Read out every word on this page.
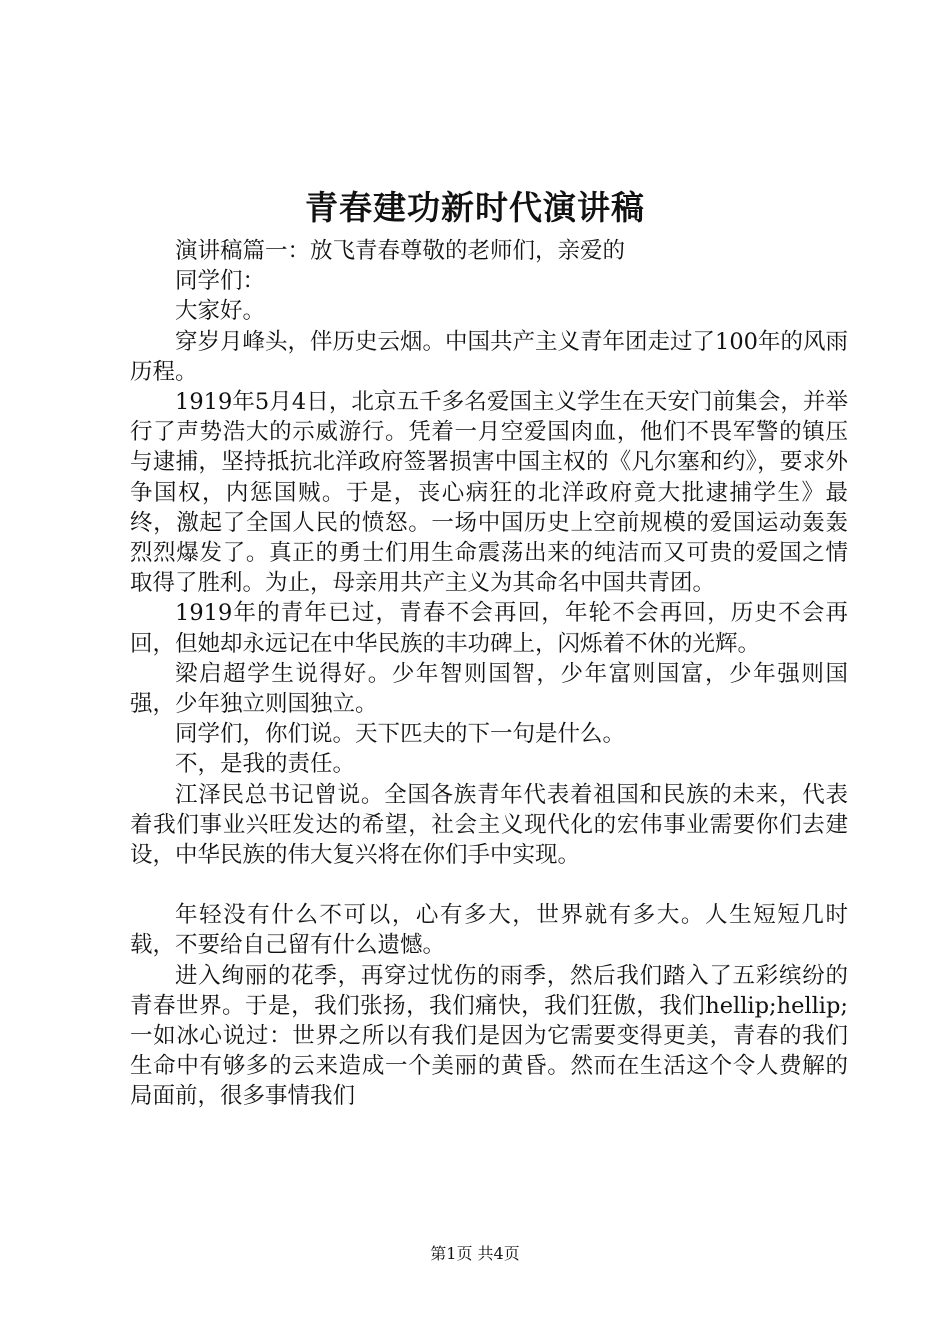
青春建功新时代演讲稿

演讲稿篇一：放飞青春尊敬的老师们，亲爱的

同学们：

大家好。

穿岁月峰头，伴历史云烟。中国共产主义青年团走过了100年的风雨历程。

1919年5月4日，北京五千多名爱国主义学生在天安门前集会，并举行了声势浩大的示威游行。凭着一月空爱国肉血，他们不畏军警的镇压与逮捕，坚持抵抗北洋政府签署损害中国主权的《凡尔塞和约》，要求外争国权，内惩国贼。于是，丧心病狂的北洋政府竟大批逮捕学生》最终，激起了全国人民的愤怒。一场中国历史上空前规模的爱国运动轰轰烈烈爆发了。真正的勇士们用生命震荡出来的纯洁而又可贵的爱国之情取得了胜利。为止，母亲用共产主义为其命名中国共青团。

1919年的青年已过，青春不会再回，年轮不会再回，历史不会再回，但她却永远记在中华民族的丰功碑上，闪烁着不休的光辉。

梁启超学生说得好。少年智则国智，少年富则国富，少年强则国强，少年独立则国独立。

同学们，你们说。天下匹夫的下一句是什么。

不，是我的责任。

江泽民总书记曾说。全国各族青年代表着祖国和民族的未来，代表着我们事业兴旺发达的希望，社会主义现代化的宏伟事业需要你们去建设，中华民族的伟大复兴将在你们手中实现。

年轻没有什么不可以，心有多大，世界就有多大。人生短短几时载，不要给自己留有什么遗憾。

进入绚丽的花季，再穿过忧伤的雨季，然后我们踏入了五彩缤纷的青春世界。于是，我们张扬，我们痛快，我们狂傲，我们hellip;hellip;一如冰心说过：世界之所以有我们是因为它需要变得更美，青春的我们生命中有够多的云来造成一个美丽的黄昏。然而在生活这个令人费解的局面前，很多事情我们

第1页 共4页
